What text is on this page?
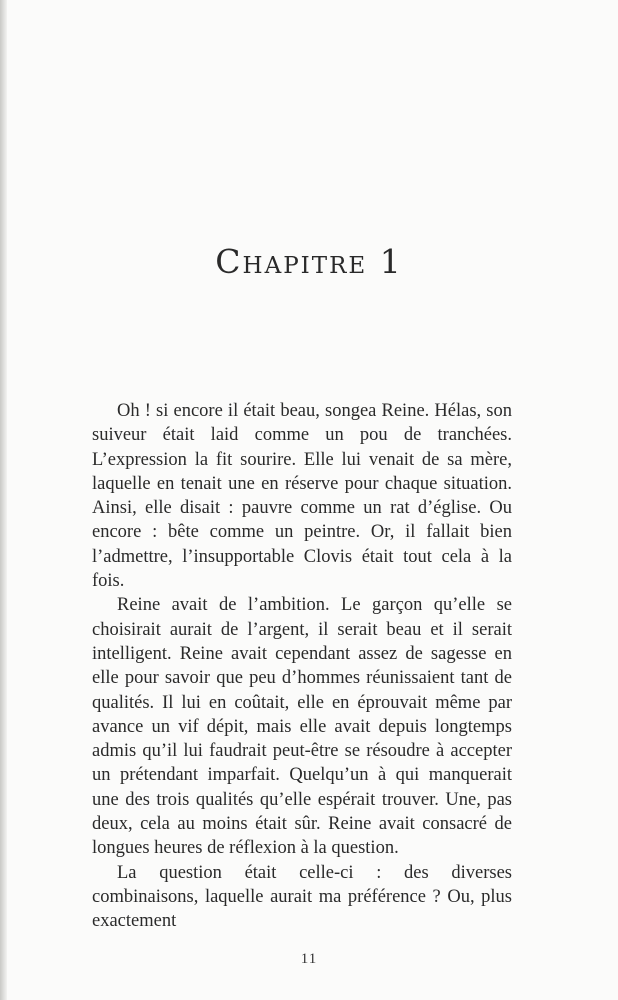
Chapitre 1

Oh ! si encore il était beau, songea Reine. Hélas, son suiveur était laid comme un pou de tranchées. L’expression la fit sourire. Elle lui venait de sa mère, laquelle en tenait une en réserve pour chaque situation. Ainsi, elle disait : pauvre comme un rat d’église. Ou encore : bête comme un peintre. Or, il fallait bien l’admettre, l’insupportable Clovis était tout cela à la fois.

Reine avait de l’ambition. Le garçon qu’elle se choisirait aurait de l’argent, il serait beau et il serait intelligent. Reine avait cependant assez de sagesse en elle pour savoir que peu d’hommes réunissaient tant de qualités. Il lui en coûtait, elle en éprouvait même par avance un vif dépit, mais elle avait depuis longtemps admis qu’il lui faudrait peut-être se résoudre à accepter un prétendant imparfait. Quelqu’un à qui manquerait une des trois qualités qu’elle espérait trouver. Une, pas deux, cela au moins était sûr. Reine avait consacré de longues heures de réflexion à la question.

La question était celle-ci : des diverses combinaisons, laquelle aurait ma préférence ? Ou, plus exactement

11
